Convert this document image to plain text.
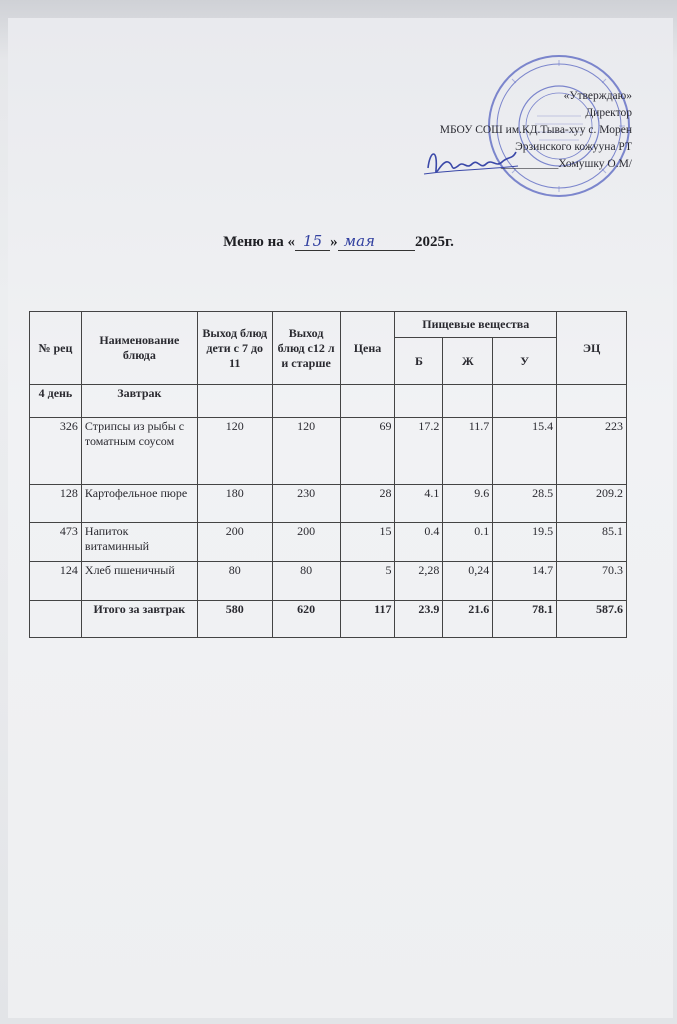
«Утверждаю»
Директор
МБОУ СОШ им.КД.Тыва-хуу с. Морен
Эрзинского кожууна РТ
__________Хомушку О.М/
Меню на « 15 » мая	2025г.
№ рец	Наименование блюда	Выход блюд дети с 7 до 11	Выход блюд с12 л и старше	Цена	Пищевые вещества			ЭЦ
					Б	Ж	У	
4 день	Завтрак							
326	Стрипсы из рыбы с томатным соусом	120	120	69	17.2	11.7	15.4	223
128	Картофельное пюре	180	230	28	4.1	9.6	28.5	209.2
473	Напиток витаминный	200	200	15	0.4	0.1	19.5	85.1
124	Хлеб пшеничный	80	80	5	2,28	0,24	14.7	70.3
	Итого за завтрак	580	620	117	23.9	21.6	78.1	587.6
